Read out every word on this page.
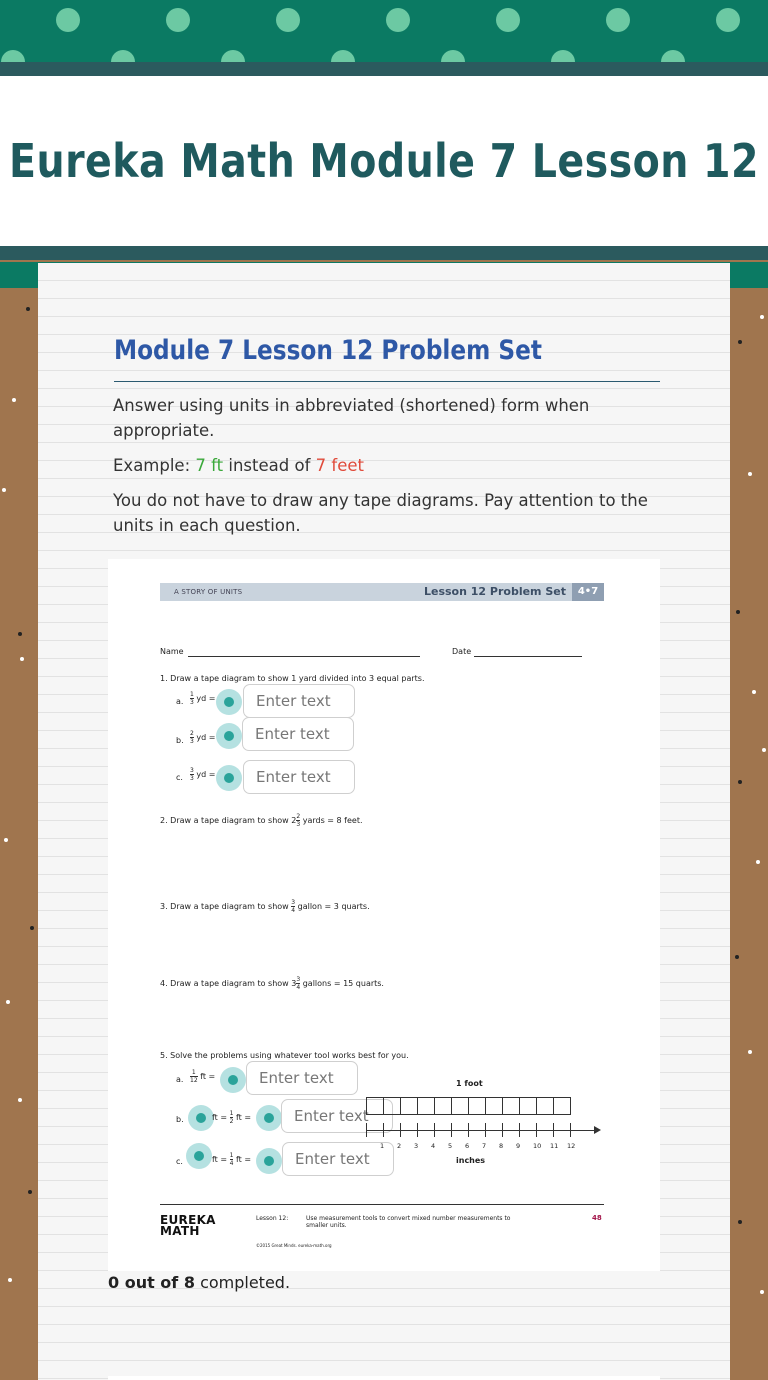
Eureka Math Module 7 Lesson 12
Module 7 Lesson 12 Problem Set

Answer using units in abbreviated (shortened) form when appropriate.

Example: 7 ft instead of 7 feet

You do not have to draw any tape diagrams. Pay attention to the units in each question.

A STORY OF UNITS	Lesson 12 Problem Set	4•7
Name	Date
1. Draw a tape diagram to show 1 yard divided into 3 equal parts.
a. $\frac{1}{3}$ yd =
Enter text
b. $\frac{2}{3}$ yd =
Enter text
c. $\frac{3}{3}$ yd =
Enter text
2. Draw a tape diagram to show $2 \frac{2}{3}$ yards = 8 feet.
3. Draw a tape diagram to show $\frac{3}{4}$ gallon = 3 quarts.
4. Draw a tape diagram to show $3 \frac{3}{4}$ gallons = 15 quarts.
5. Solve the problems using whatever tool works best for you.
a. $\frac{1}{12}$ ft =
Enter text
b.	ft = $\frac{1}{2}$ ft =
Enter text
c.	ft = $\frac{1}{4}$ ft =
Enter text
1 foot
1 2 3 4 5 6 7 8 9 10 11 12
inches
EUREKA
MATH
Lesson 12:	Use measurement tools to convert mixed number measurements to smaller units.
48
©2015 Great Minds. eureka-math.org

0 out of 8 completed.
